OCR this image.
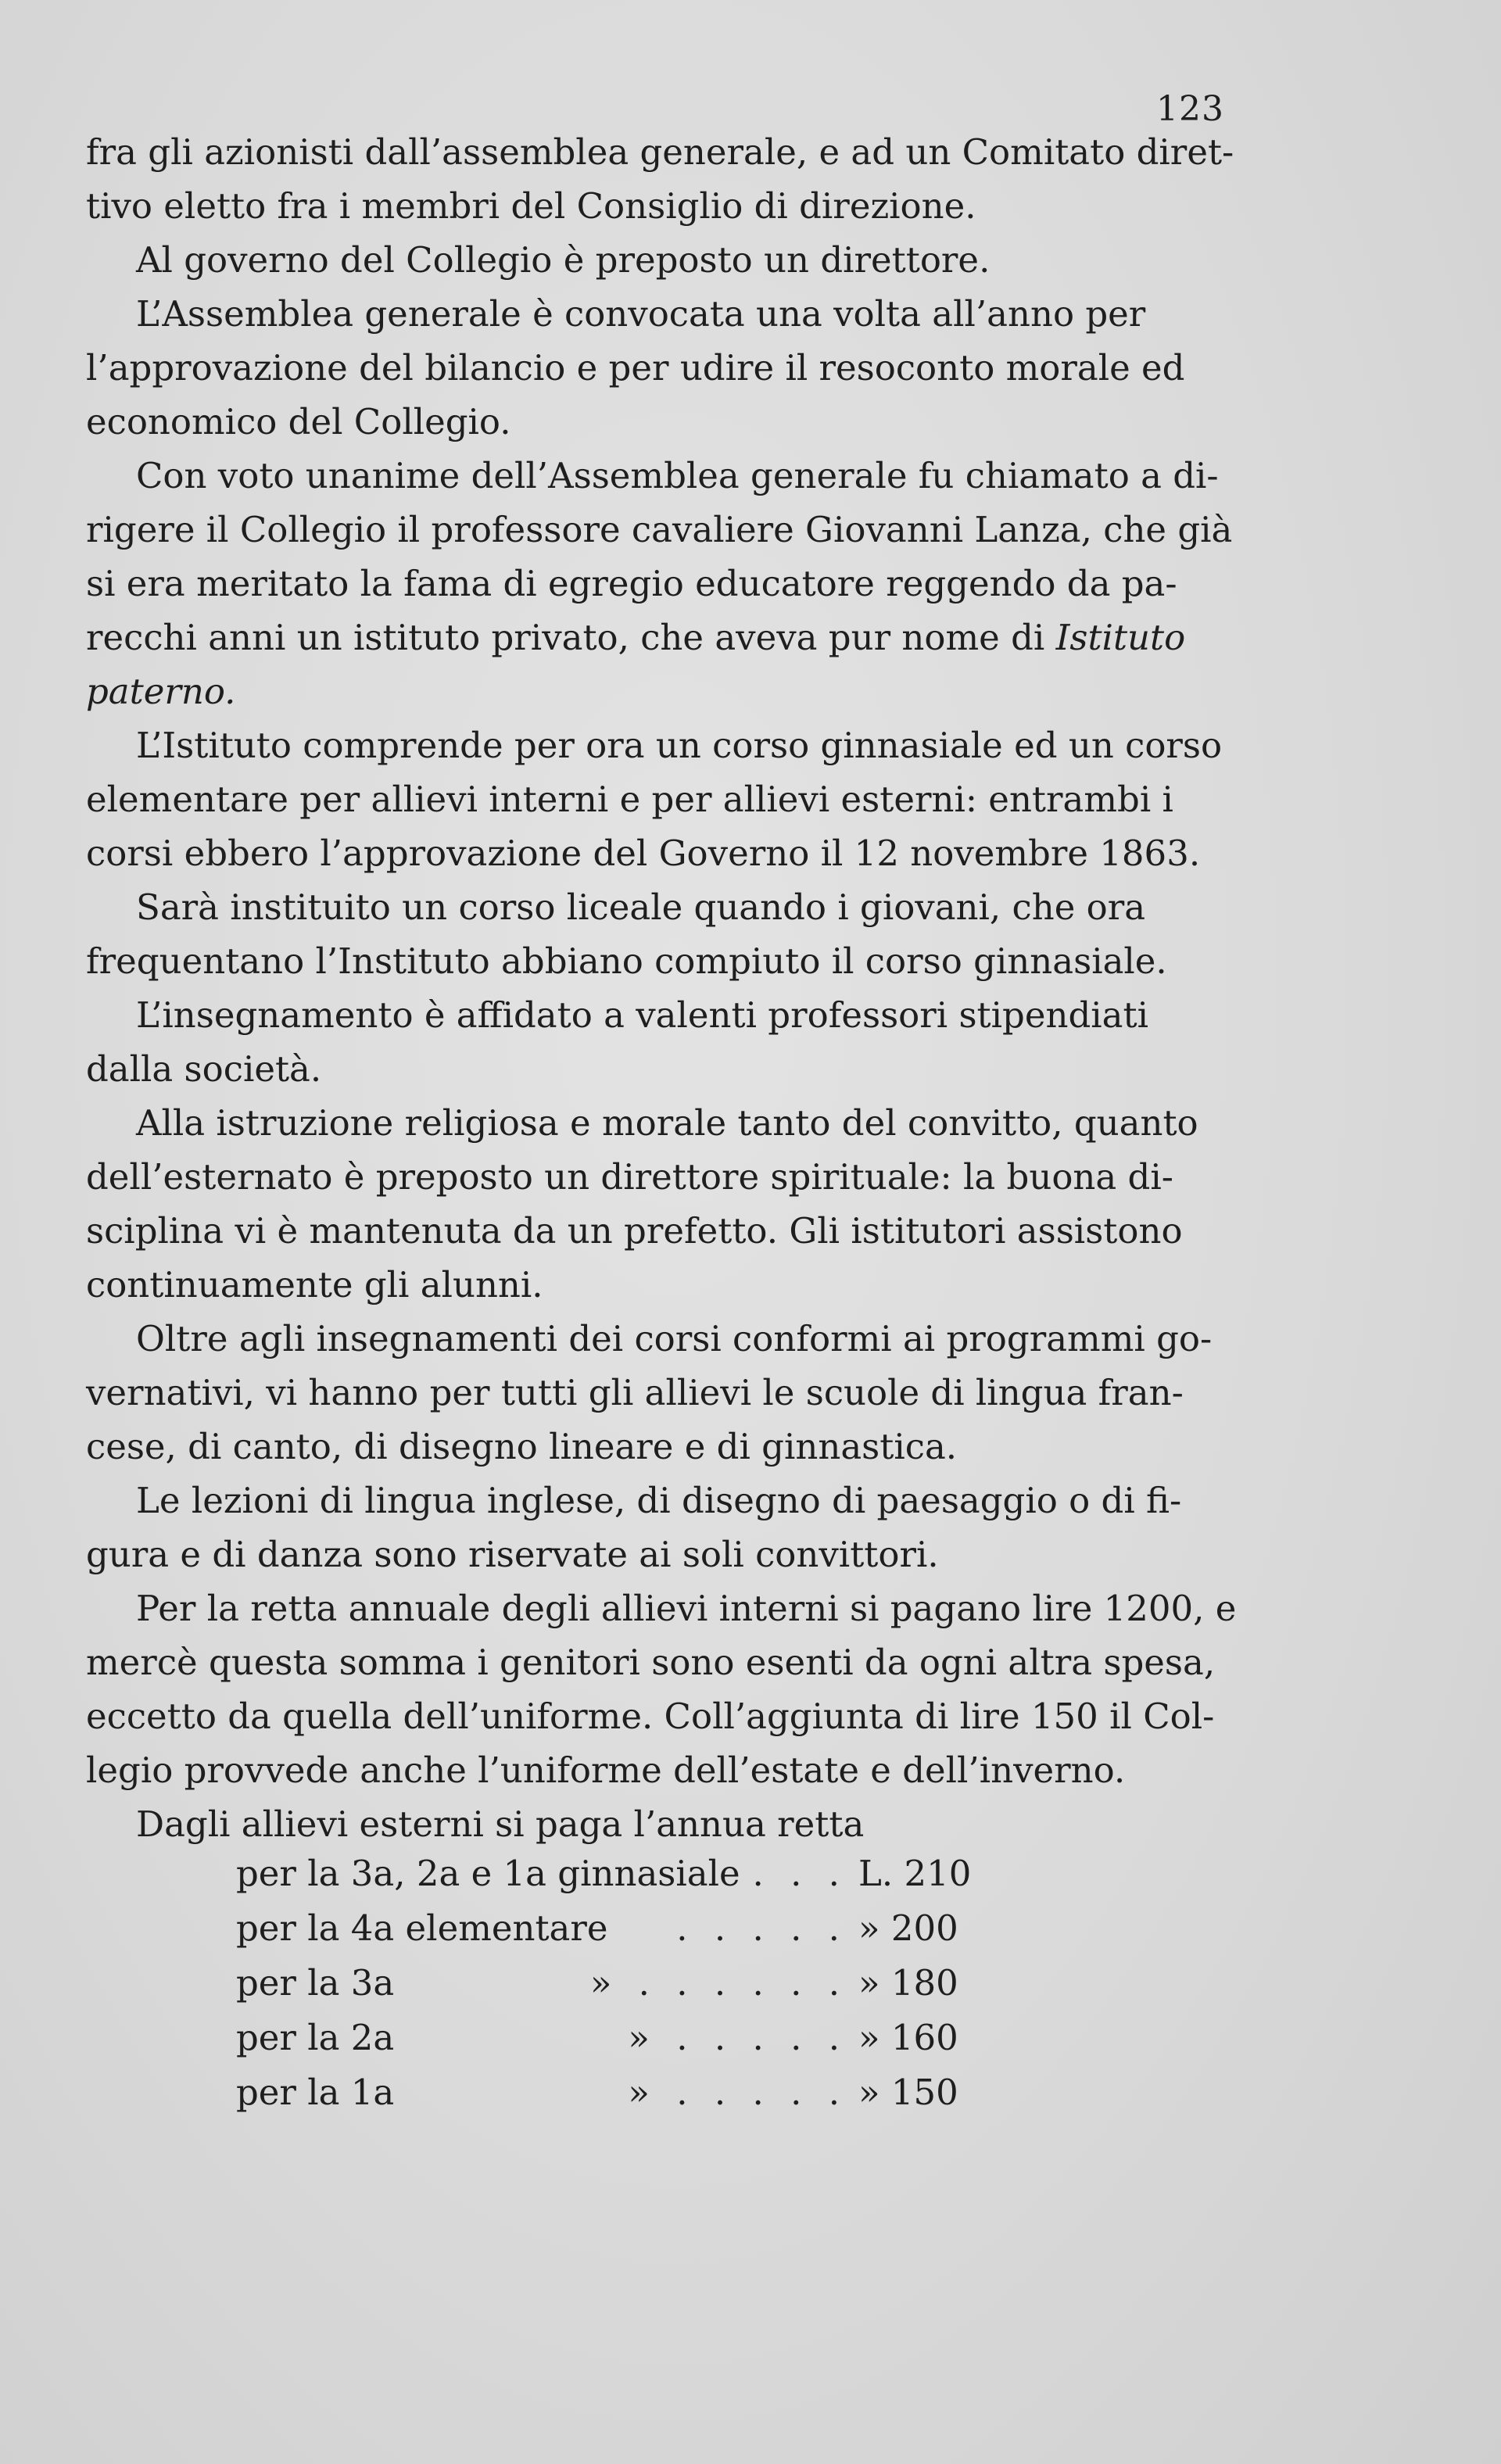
123
fra gli azionisti dall’assemblea generale, e ad un Comitato diret-
tivo eletto fra i membri del Consiglio di direzione.
Al governo del Collegio è preposto un direttore.
L’Assemblea generale è convocata una volta all’anno per
l’approvazione del bilancio e per udire il resoconto morale ed
economico del Collegio.
Con voto unanime dell’Assemblea generale fu chiamato a di-
rigere il Collegio il professore cavaliere Giovanni Lanza, che già
si era meritato la fama di egregio educatore reggendo da pa-
recchi anni un istituto privato, che aveva pur nome di Istituto
paterno.
L’Istituto comprende per ora un corso ginnasiale ed un corso
elementare per allievi interni e per allievi esterni: entrambi i
corsi ebbero l’approvazione del Governo il 12 novembre 1863.
Sarà instituito un corso liceale quando i giovani, che ora
frequentano l’Instituto abbiano compiuto il corso ginnasiale.
L’insegnamento è affidato a valenti professori stipendiati
dalla società.
Alla istruzione religiosa e morale tanto del convitto, quanto
dell’esternato è preposto un direttore spirituale: la buona di-
sciplina vi è mantenuta da un prefetto. Gli istitutori assistono
continuamente gli alunni.
Oltre agli insegnamenti dei corsi conformi ai programmi go-
vernativi, vi hanno per tutti gli allievi le scuole di lingua fran-
cese, di canto, di disegno lineare e di ginnastica.
Le lezioni di lingua inglese, di disegno di paesaggio o di fi-
gura e di danza sono riservate ai soli convittori.
Per la retta annuale degli allievi interni si pagano lire 1200, e
mercè questa somma i genitori sono esenti da ogni altra spesa,
eccetto da quella dell’uniforme. Coll’aggiunta di lire 150 il Col-
legio provvede anche l’uniforme dell’estate e dell’inverno.
Dagli allievi esterni si paga l’annua retta
per la 3a, 2a e 1a ginnasiale . . . L. 210
per la 4a elementare	. . . . . » 200
per la 3a	» . . . . . . » 180
per la 2a	» . . . . . » 160
per la 1a	» . . . . . » 150
